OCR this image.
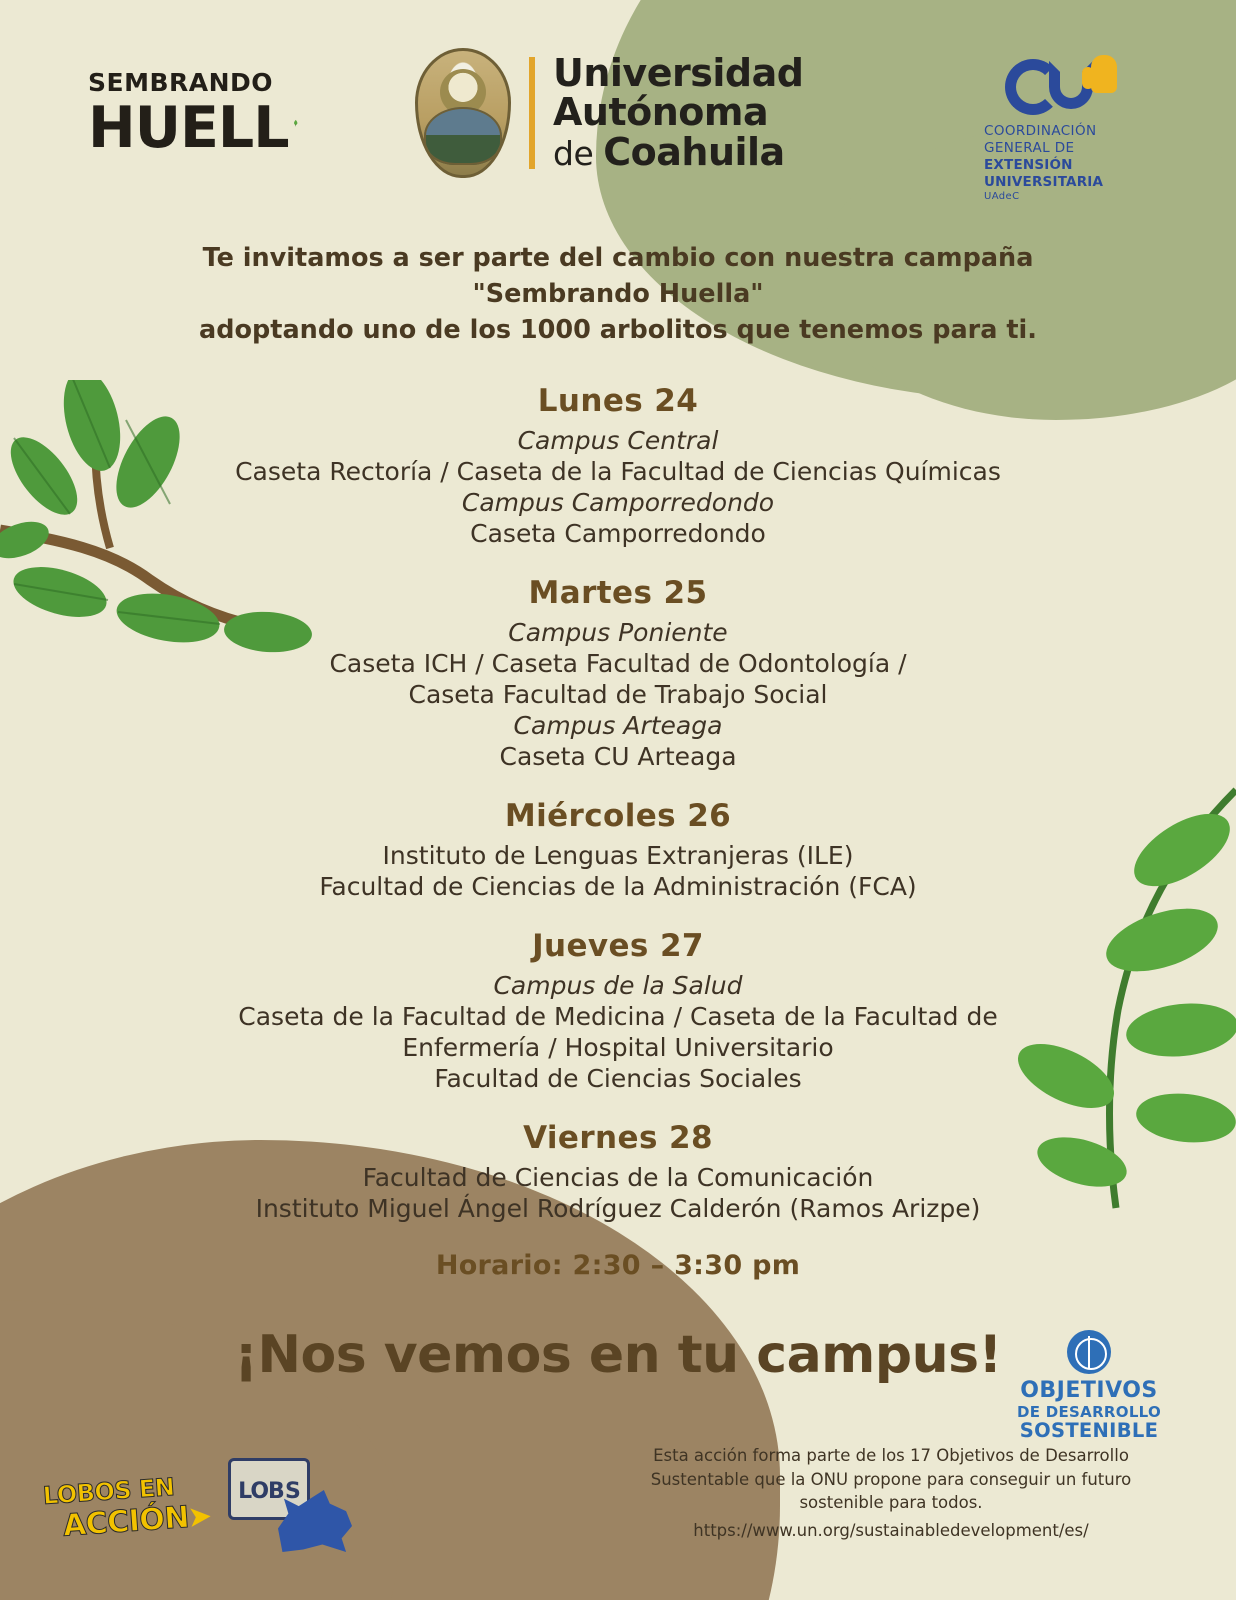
SEMBRANDO
HUELL
Universidad
Autónoma
de Coahuila	COORDINACIÓN
GENERAL DE
EXTENSIÓN
UNIVERSITARIA
UAdeC
Te invitamos a ser parte del cambio con nuestra campaña
"Sembrando Huella"
adoptando uno de los 1000 arbolitos que tenemos para ti.
Lunes 24
Campus Central
Caseta Rectoría / Caseta de la Facultad de Ciencias Químicas
Campus Camporredondo
Caseta Camporredondo
Martes 25
Campus Poniente
Caseta ICH / Caseta Facultad de Odontología /
Caseta Facultad de Trabajo Social
Campus Arteaga
Caseta CU Arteaga
Miércoles 26
Instituto de Lenguas Extranjeras (ILE)
Facultad de Ciencias de la Administración (FCA)
Jueves 27
Campus de la Salud
Caseta de la Facultad de Medicina / Caseta de la Facultad de
Enfermería / Hospital Universitario
Facultad de Ciencias Sociales
Viernes 28
Facultad de Ciencias de la Comunicación
Instituto Miguel Ángel Rodríguez Calderón (Ramos Arizpe)
Horario: 2:30 – 3:30 pm
¡Nos vemos en tu campus!
OBJETIVOS
DE DESARROLLO
SOSTENIBLE
Esta acción forma parte de los 17 Objetivos de Desarrollo
Sustentable que la ONU propone para conseguir un futuro
sostenible para todos.
https://www.un.org/sustainabledevelopment/es/
LOBOS EN
ACCIÓN
➤
LOB S
